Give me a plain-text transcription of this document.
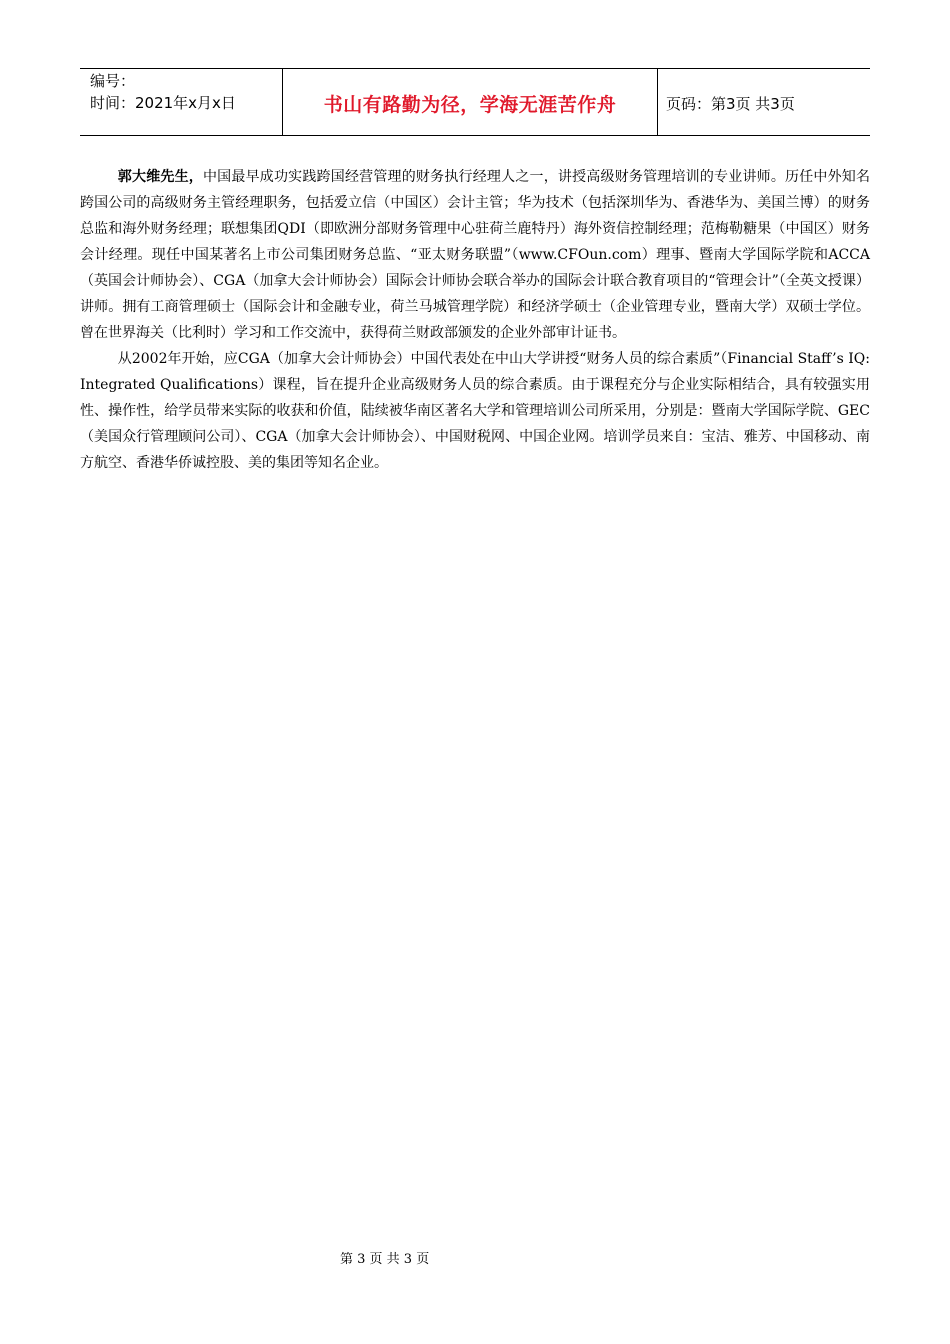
编号：
时间：2021年x月x日	书山有路勤为径，学海无涯苦作舟	页码：第3页 共3页

郭大维先生，中国最早成功实践跨国经营管理的财务执行经理人之一，讲授高级财务管理培训的专业讲师。历任中外知名跨国公司的高级财务主管经理职务，包括爱立信（中国区）会计主管；华为技术（包括深圳华为、香港华为、美国兰博）的财务总监和海外财务经理；联想集团QDI（即欧洲分部财务管理中心驻荷兰鹿特丹）海外资信控制经理；范梅勒糖果（中国区）财务会计经理。现任中国某著名上市公司集团财务总监、“亚太财务联盟”（www.CFOun.com）理事、暨南大学国际学院和ACCA（英国会计师协会）、CGA（加拿大会计师协会）国际会计师协会联合举办的国际会计联合教育项目的“管理会计”（全英文授课）讲师。拥有工商管理硕士（国际会计和金融专业，荷兰马城管理学院）和经济学硕士（企业管理专业，暨南大学）双硕士学位。曾在世界海关（比利时）学习和工作交流中，获得荷兰财政部颁发的企业外部审计证书。

从2002年开始，应CGA（加拿大会计师协会）中国代表处在中山大学讲授“财务人员的综合素质”（Financial Staff’s IQ: Integrated Qualifications）课程，旨在提升企业高级财务人员的综合素质。由于课程充分与企业实际相结合，具有较强实用性、操作性，给学员带来实际的收获和价值，陆续被华南区著名大学和管理培训公司所采用，分别是：暨南大学国际学院、GEC（美国众行管理顾问公司）、CGA（加拿大会计师协会）、中国财税网、中国企业网。培训学员来自：宝洁、雅芳、中国移动、南方航空、香港华侨诚控股、美的集团等知名企业。

第 3 页 共 3 页
